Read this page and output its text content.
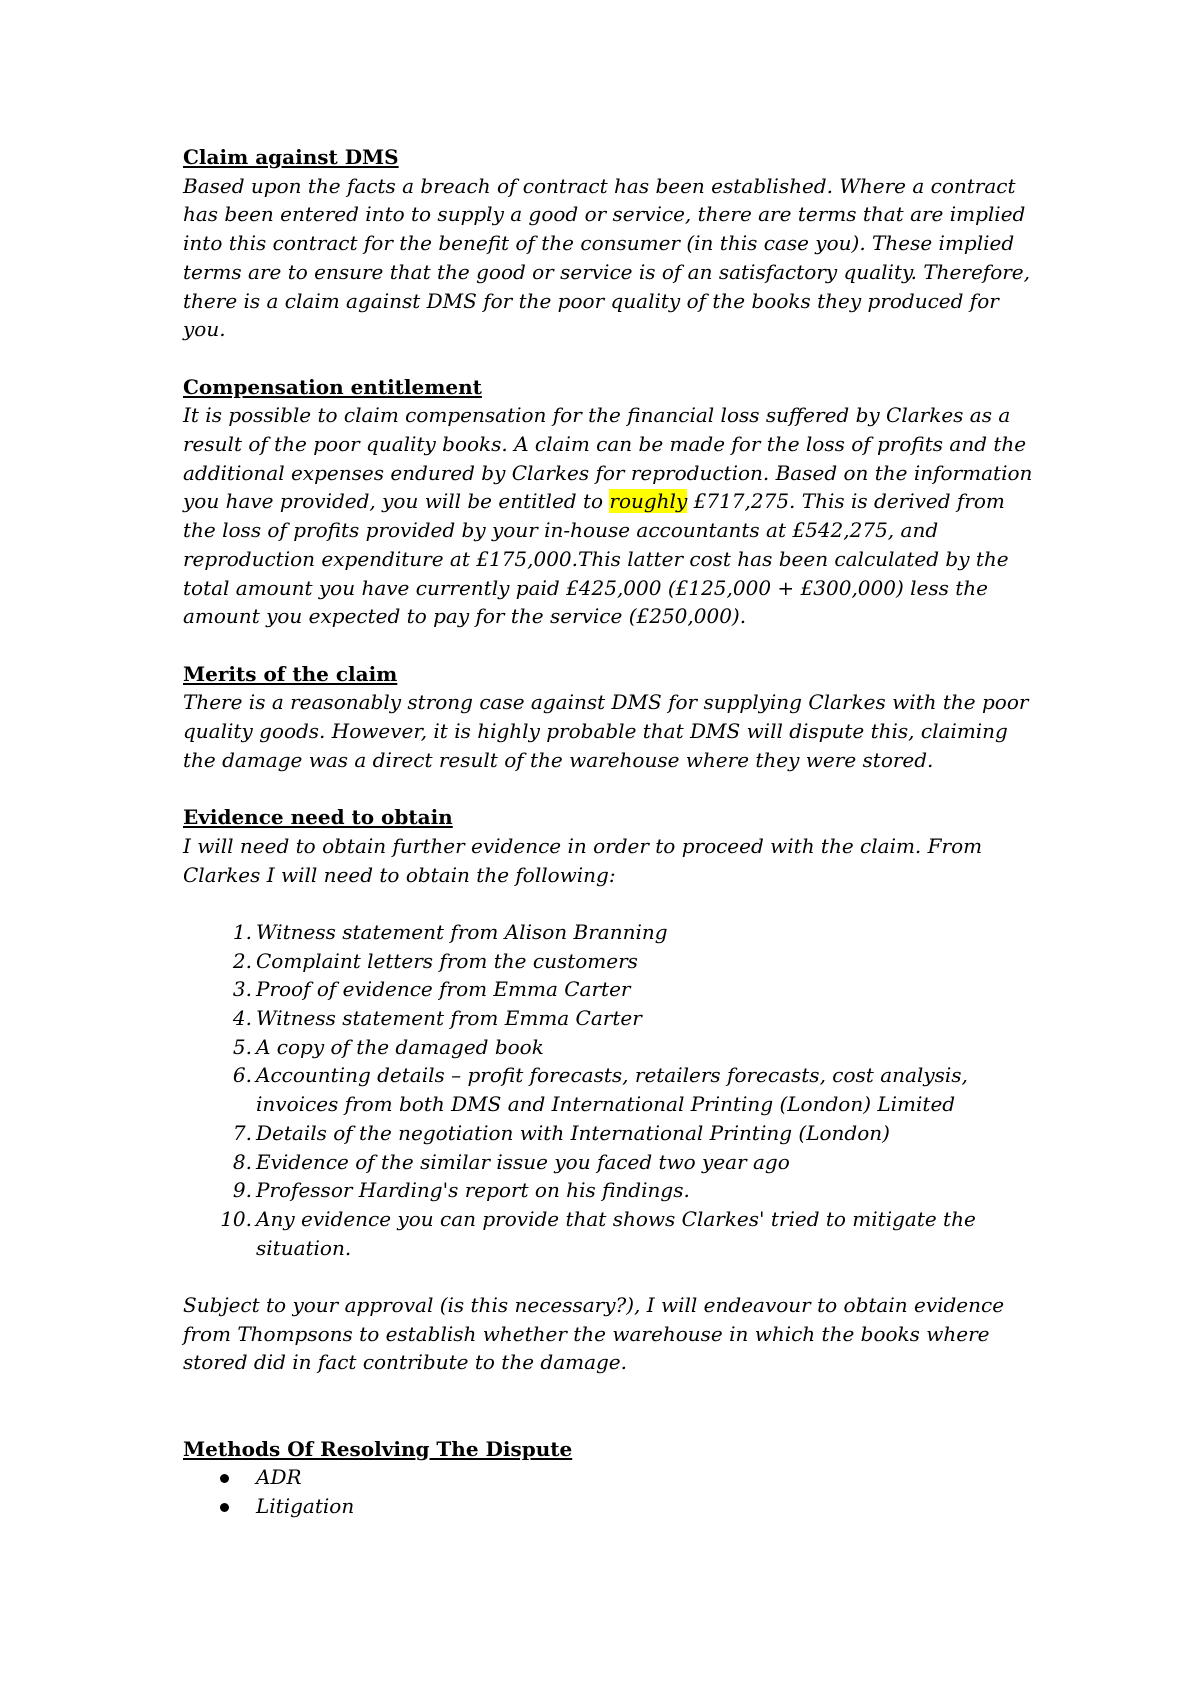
Claim against DMS

Based upon the facts a breach of contract has been established. Where a contract has been entered into to supply a good or service, there are terms that are implied into this contract for the benefit of the consumer (in this case you). These implied terms are to ensure that the good or service is of an satisfactory quality. Therefore, there is a claim against DMS for the poor quality of the books they produced for you.

Compensation entitlement

It is possible to claim compensation for the financial loss suffered by Clarkes as a result of the poor quality books. A claim can be made for the loss of profits and the additional expenses endured by Clarkes for reproduction. Based on the information you have provided, you will be entitled to roughly £717,275. This is derived from the loss of profits provided by your in-house accountants at £542,275, and reproduction expenditure at £175,000.This latter cost has been calculated by the total amount you have currently paid £425,000 (£125,000 + £300,000) less the amount you expected to pay for the service (£250,000).

Merits of the claim

There is a reasonably strong case against DMS for supplying Clarkes with the poor quality goods. However, it is highly probable that DMS will dispute this, claiming the damage was a direct result of the warehouse where they were stored.

Evidence need to obtain

I will need to obtain further evidence in order to proceed with the claim. From Clarkes I will need to obtain the following:

1. Witness statement from Alison Branning
2. Complaint letters from the customers
3. Proof of evidence from Emma Carter
4. Witness statement from Emma Carter
5. A copy of the damaged book
6. Accounting details – profit forecasts, retailers forecasts, cost analysis, invoices from both DMS and International Printing (London) Limited
7. Details of the negotiation with International Printing (London)
8. Evidence of the similar issue you faced two year ago
9. Professor Harding's report on his findings.
10. Any evidence you can provide that shows Clarkes' tried to mitigate the situation.

Subject to your approval (is this necessary?), I will endeavour to obtain evidence from Thompsons to establish whether the warehouse in which the books where stored did in fact contribute to the damage.

Methods Of Resolving The Dispute

ADR
Litigation
